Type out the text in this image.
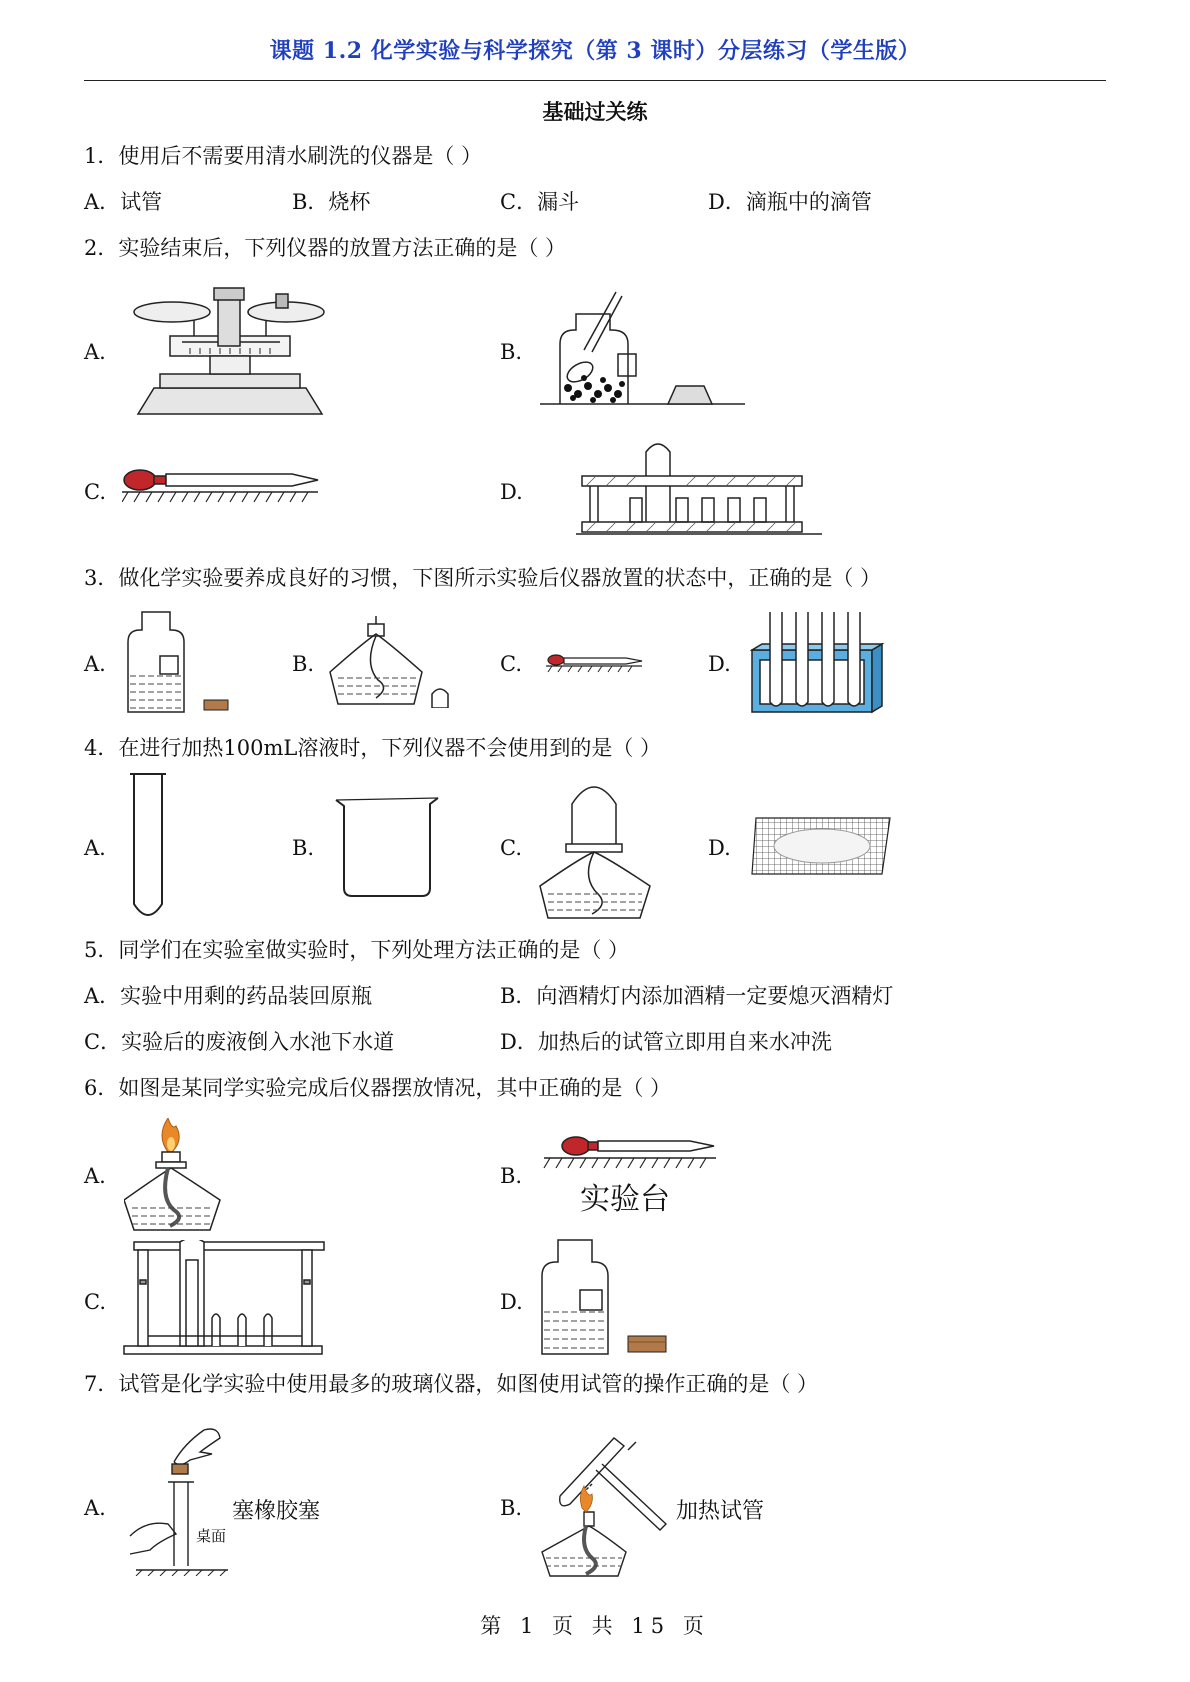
课题 1.2 化学实验与科学探究（第 3 课时）分层练习（学生版）
基础过关练
1．使用后不需要用清水刷洗的仪器是（ ）
A．试管	B．烧杯	C．漏斗	D．滴瓶中的滴管
2．实验结束后，下列仪器的放置方法正确的是（ ）
A.	B.
C.	D.
3．做化学实验要养成良好的习惯，下图所示实验后仪器放置的状态中，正确的是（ ）
A.	B.	C.	D.
4．在进行加热100mL溶液时，下列仪器不会使用到的是（ ）
A.	B.	C.	D.
5．同学们在实验室做实验时，下列处理方法正确的是（ ）
A．实验中用剩的药品装回原瓶	B．向酒精灯内添加酒精一定要熄灭酒精灯
C．实验后的废液倒入水池下水道	D．加热后的试管立即用自来水冲洗
6．如图是某同学实验完成后仪器摆放情况，其中正确的是（ ）
A.	B.
C.	D.
实验台
7．试管是化学实验中使用最多的玻璃仪器，如图使用试管的操作正确的是（ ）
A.	B.
塞橡胶塞
桌面
加热试管
第 1 页 共 15 页
